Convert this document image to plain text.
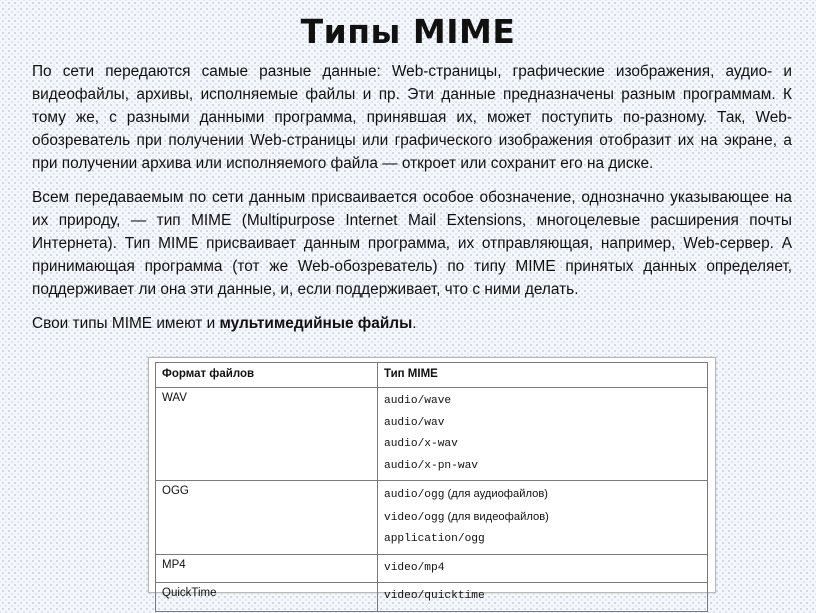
Типы MIME

По сети передаются самые разные данные: Web-страницы, графические изображения, аудио- и видеофайлы, архивы, исполняемые файлы и пр. Эти данные предназначены разным программам. К тому же, с разными данными программа, принявшая их, может поступить по-разному. Так, Web-обозреватель при получении Web-страницы или графического изображения отобразит их на экране, а при получении архива или исполняемого файла — откроет или сохранит его на диске.

Всем передаваемым по сети данным присваивается особое обозначение, однозначно указывающее на их природу, — тип MIME (Multipurpose Internet Mail Extensions, многоцелевые расширения почты Интернета). Тип MIME присваивает данным программа, их отправляющая, например, Web-сервер. А принимающая программа (тот же Web-обозреватель) по типу MIME принятых данных определяет, поддерживает ли она эти данные, и, если поддерживает, что с ними делать.

Свои типы MIME имеют и мультимедийные файлы.

Формат файлов	Тип MIME
WAV	audio/wave
audio/wav
audio/x-wav
audio/x-pn-wav

OGG	audio/ogg (для аудиофайлов)
video/ogg (для видеофайлов)
application/ogg

MP4	video/mp4

QuickTime	video/quicktime
